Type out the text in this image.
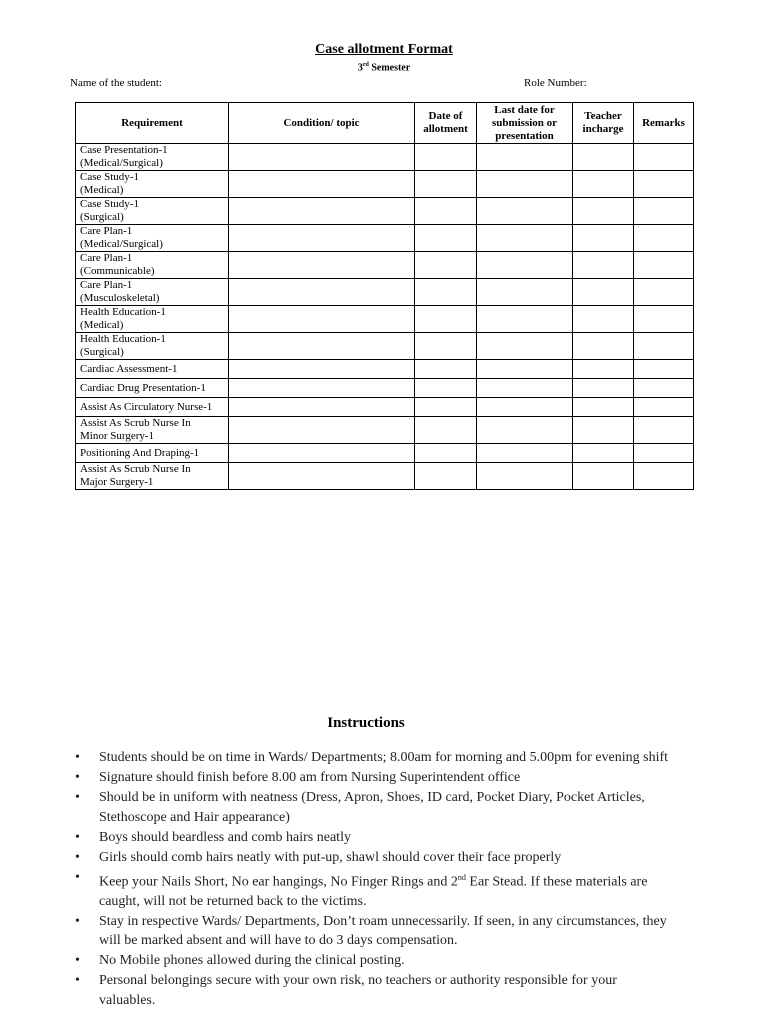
Case allotment Format
3rd Semester
Name of the student:	Role Number:
Requirement	Condition/ topic	Date of allotment	Last date for submission or presentation	Teacher incharge	Remarks

Case Presentation-1
(Medical/Surgical)					

Case Study-1
(Medical)					

Case Study-1
(Surgical)					

Care Plan-1
(Medical/Surgical)					

Care Plan-1
(Communicable)					

Care Plan-1
(Musculoskeletal)					

Health Education-1
(Medical)					

Health Education-1
(Surgical)					

Cardiac Assessment-1					

Cardiac Drug Presentation-1					

Assist As Circulatory Nurse-1					

Assist As Scrub Nurse In
Minor Surgery-1					

Positioning And Draping-1					

Assist As Scrub Nurse In
Major Surgery-1					

Instructions
• Students should be on time in Wards/ Departments; 8.00am for morning and 5.00pm for evening shift
• Signature should finish before 8.00 am from Nursing Superintendent office
• Should be in uniform with neatness (Dress, Apron, Shoes, ID card, Pocket Diary, Pocket Articles, Stethoscope and Hair appearance)
• Boys should beardless and comb hairs neatly
• Girls should comb hairs neatly with put-up, shawl should cover their face properly
• Keep your Nails Short, No ear hangings, No Finger Rings and 2nd Ear Stead. If these materials are caught, will not be returned back to the victims.
• Stay in respective Wards/ Departments, Don’t roam unnecessarily. If seen, in any circumstances, they will be marked absent and will have to do 3 days compensation.
• No Mobile phones allowed during the clinical posting.
• Personal belongings secure with your own risk, no teachers or authority responsible for your valuables.
